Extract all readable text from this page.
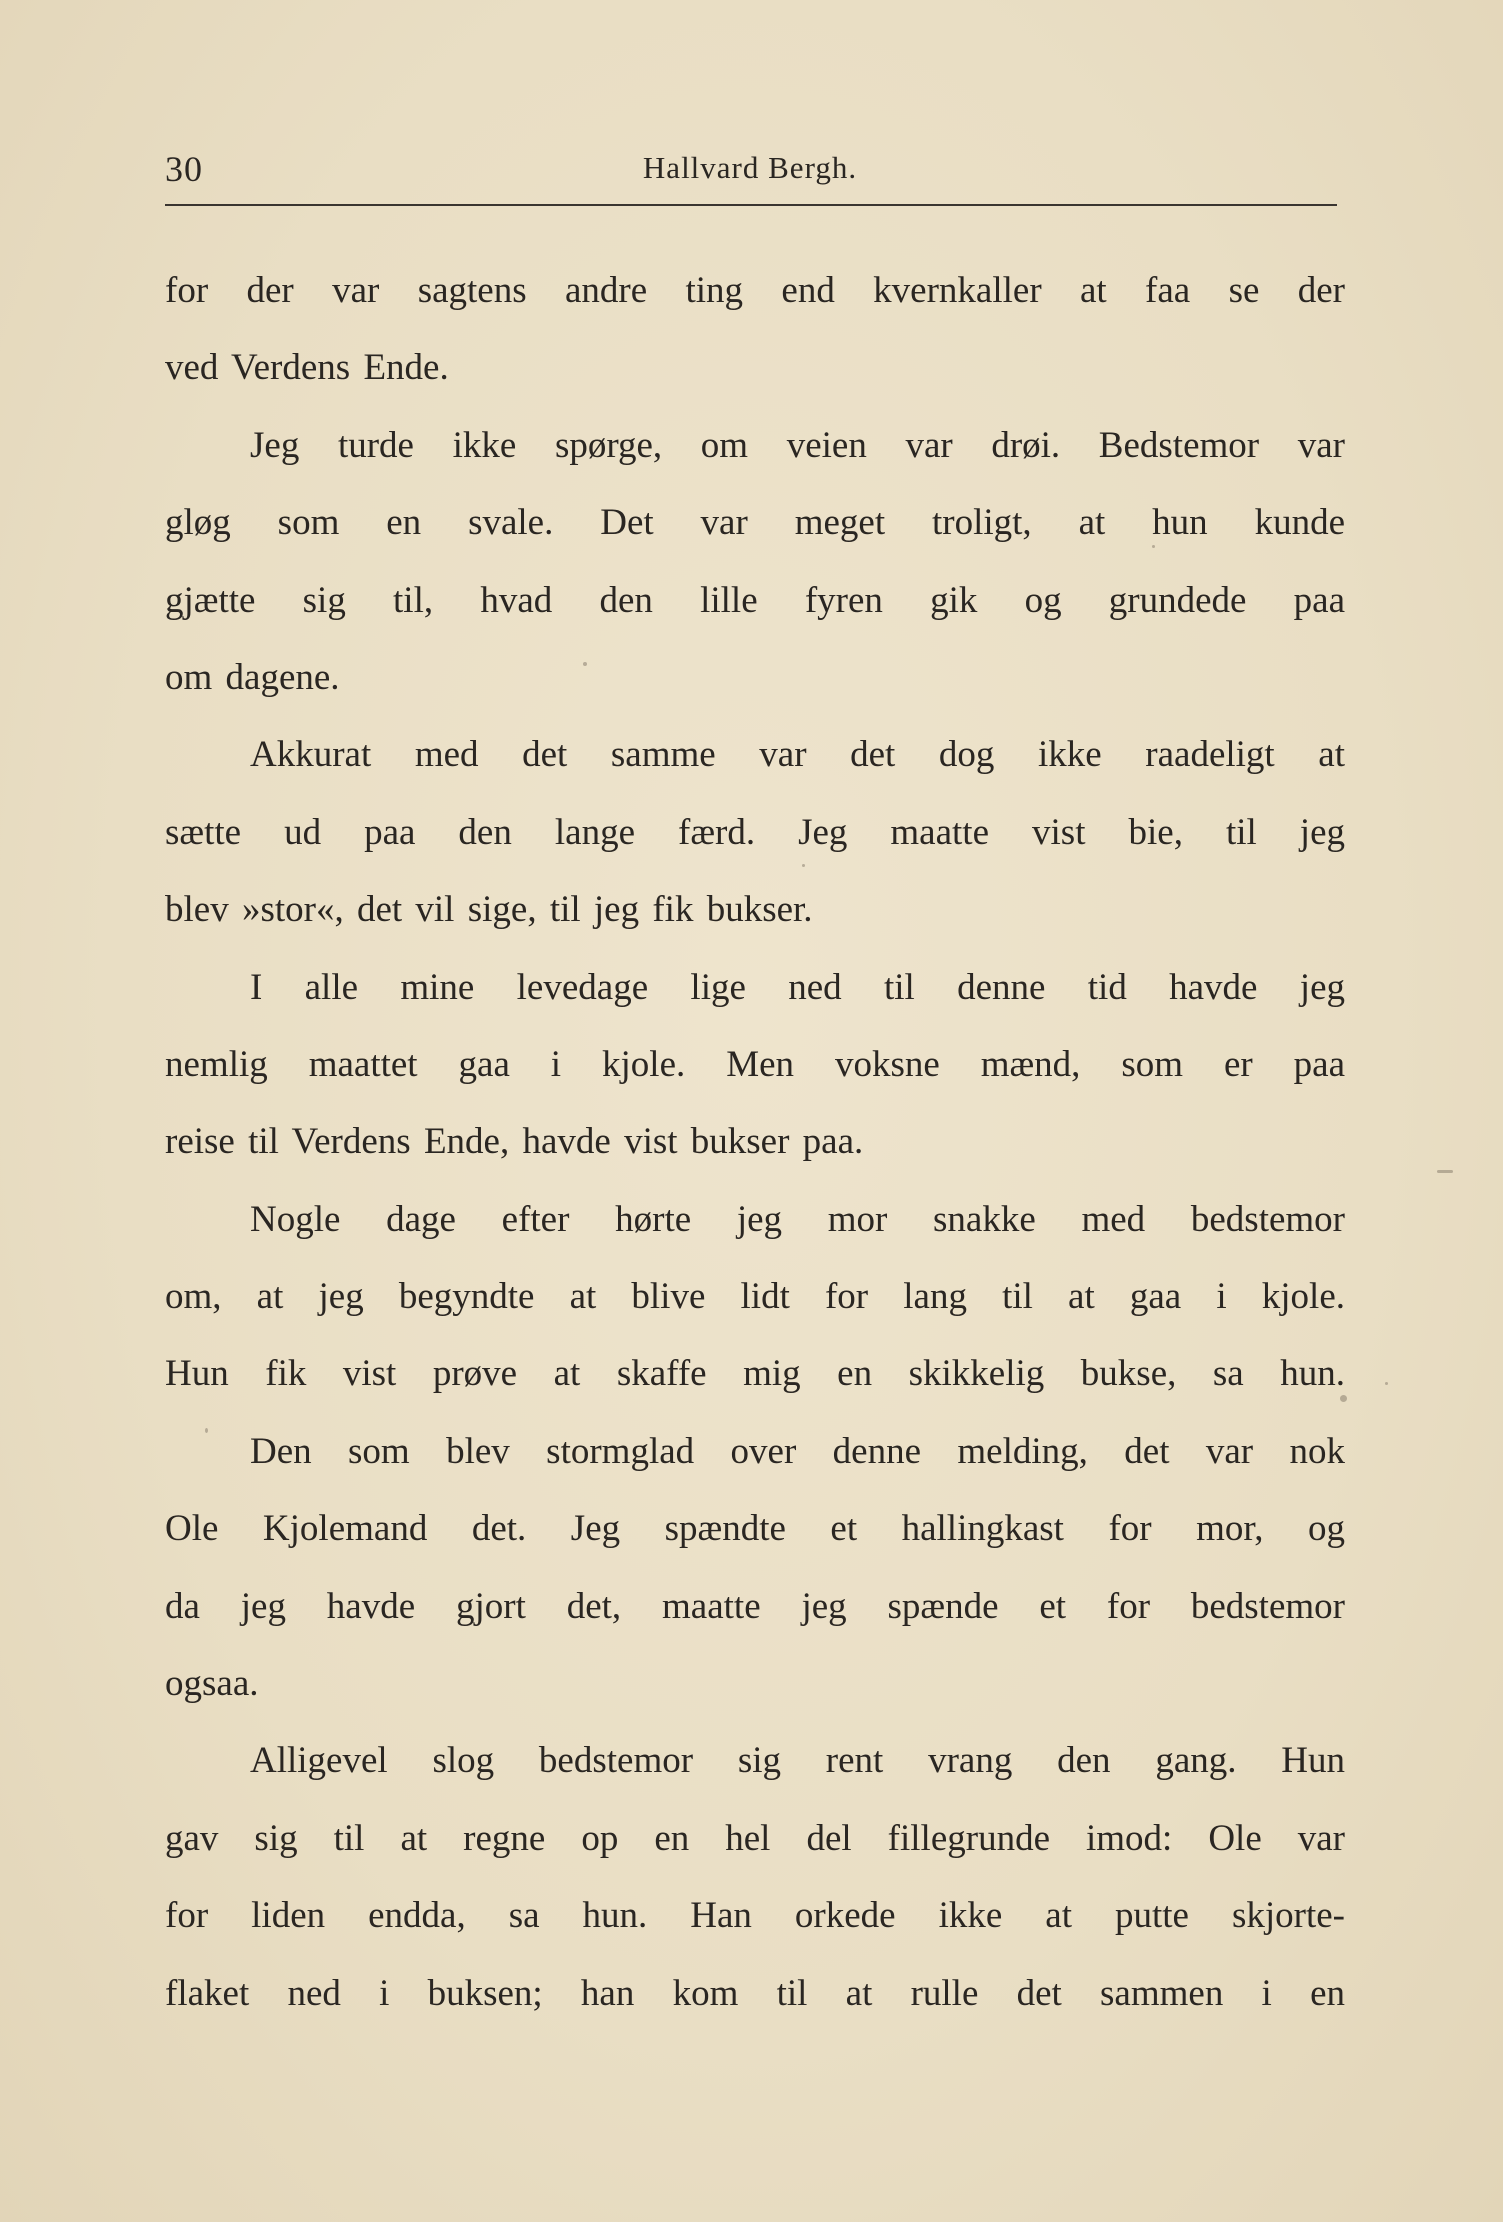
30	Hallvard Bergh.
for der var sagtens andre ting end kvernkaller at faa se der
ved Verdens Ende.
Jeg turde ikke spørge, om veien var drøi. Bedstemor var
gløg som en svale. Det var meget troligt, at hun kunde
gjætte sig til, hvad den lille fyren gik og grundede paa
om dagene.
Akkurat med det samme var det dog ikke raadeligt at
sætte ud paa den lange færd. Jeg maatte vist bie, til jeg
blev »stor«, det vil sige, til jeg fik bukser.
I alle mine levedage lige ned til denne tid havde jeg
nemlig maattet gaa i kjole. Men voksne mænd, som er paa
reise til Verdens Ende, havde vist bukser paa.
Nogle dage efter hørte jeg mor snakke med bedstemor
om, at jeg begyndte at blive lidt for lang til at gaa i kjole.
Hun fik vist prøve at skaffe mig en skikkelig bukse, sa hun.
Den som blev stormglad over denne melding, det var nok
Ole Kjolemand det. Jeg spændte et hallingkast for mor, og
da jeg havde gjort det, maatte jeg spænde et for bedstemor
ogsaa.
Alligevel slog bedstemor sig rent vrang den gang. Hun
gav sig til at regne op en hel del fillegrunde imod: Ole var
for liden endda, sa hun. Han orkede ikke at putte skjorte-
flaket ned i buksen; han kom til at rulle det sammen i en
